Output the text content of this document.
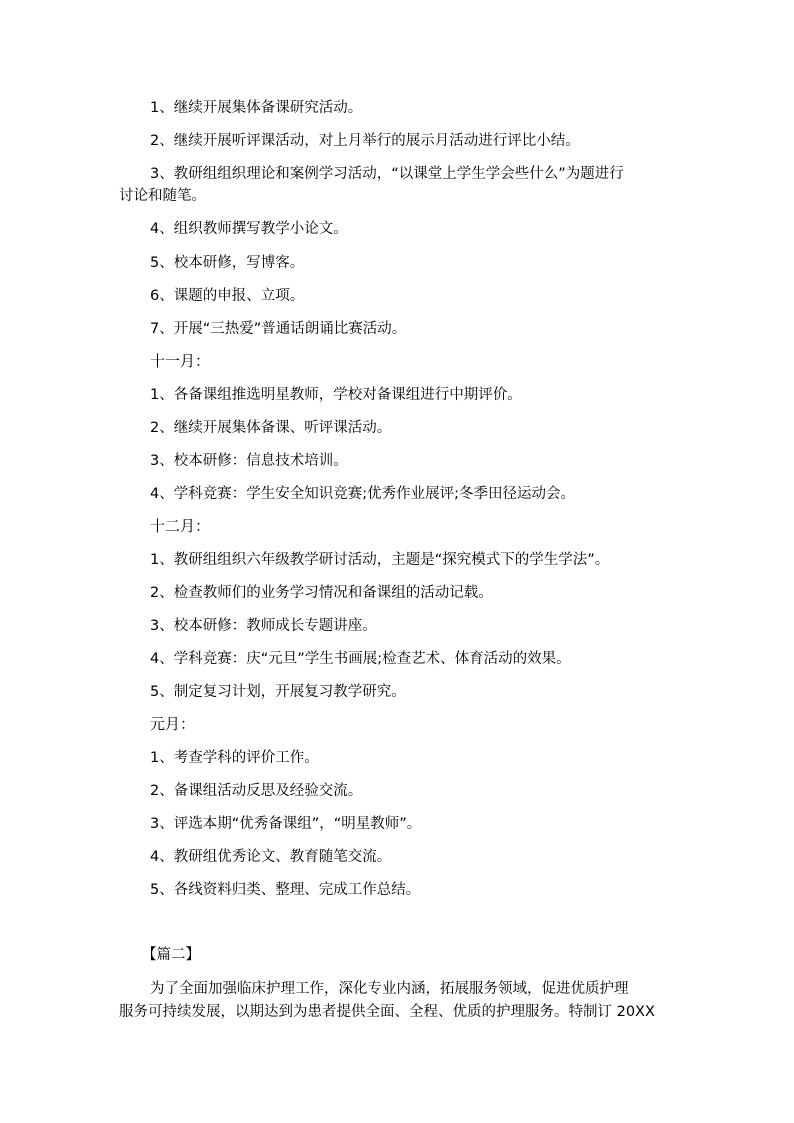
1、继续开展集体备课研究活动。
2、继续开展听评课活动，对上月举行的展示月活动进行评比小结。
3、教研组组织理论和案例学习活动，“以课堂上学生学会些什么”为题进行
讨论和随笔。
4、组织教师撰写教学小论文。
5、校本研修，写博客。
6、课题的申报、立项。
7、开展“三热爱”普通话朗诵比赛活动。
十一月：
1、各备课组推选明星教师，学校对备课组进行中期评价。
2、继续开展集体备课、听评课活动。
3、校本研修：信息技术培训。
4、学科竞赛：学生安全知识竞赛;优秀作业展评;冬季田径运动会。
十二月：
1、教研组组织六年级教学研讨活动，主题是“探究模式下的学生学法”。
2、检查教师们的业务学习情况和备课组的活动记载。
3、校本研修：教师成长专题讲座。
4、学科竞赛：庆“元旦”学生书画展;检查艺术、体育活动的效果。
5、制定复习计划，开展复习教学研究。
元月：
1、考查学科的评价工作。
2、备课组活动反思及经验交流。
3、评选本期“优秀备课组”，“明星教师”。
4、教研组优秀论文、教育随笔交流。
5、各线资料归类、整理、完成工作总结。
【篇二】
为了全面加强临床护理工作，深化专业内涵，拓展服务领域，促进优质护理
服务可持续发展，以期达到为患者提供全面、全程、优质的护理服务。特制订 20XX
